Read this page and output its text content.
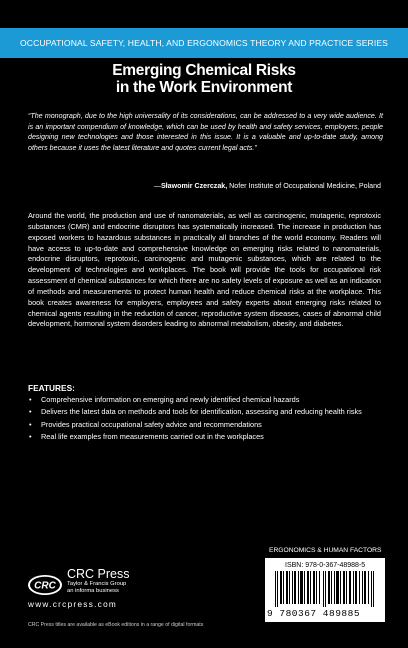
OCCUPATIONAL SAFETY, HEALTH, AND ERGONOMICS THEORY AND PRACTICE SERIES
Emerging Chemical Risks
in the Work Environment
“The monograph, due to the high universality of its considerations, can be addressed to a very wide audience. It is an important compendium of knowledge, which can be used by health and safety services, employers, people designing new technologies and those interested in this issue. It is a valuable and up-to-date study, among others because it uses the latest literature and quotes current legal acts.”
—Sławomir Czerczak, Nofer Institute of Occupational Medicine, Poland
Around the world, the production and use of nanomaterials, as well as carcinogenic, mutagenic, reprotoxic substances (CMR) and endocrine disruptors has systematically increased. The increase in production has exposed workers to hazardous substances in practically all branches of the world economy. Readers will have access to up-to-date and comprehensive knowledge on emerging risks related to nanomaterials, endocrine disruptors, reprotoxic, carcinogenic and mutagenic substances, which are related to the development of technologies and workplaces. The book will provide the tools for occupational risk assessment of chemical substances for which there are no safety levels of exposure as well as an indication of methods and measurements to protect human health and reduce chemical risks at the workplace. This book creates awareness for employers, employees and safety experts about emerging risks related to chemical agents resulting in the reduction of cancer, reproductive system diseases, cases of abnormal child development, hormonal system disorders leading to abnormal metabolism, obesity, and diabetes.
FEATURES:
• Comprehensive information on emerging and newly identified chemical hazards
• Delivers the latest data on methods and tools for identification, assessing and reducing health risks
• Provides practical occupational safety advice and recommendations
• Real life examples from measurements carried out in the workplaces
ERGONOMICS & HUMAN FACTORS
ISBN: 978-0-367-48988-5
9 780367 489885
CRC
CRC Press
Taylor & Francis Group
an informa business
www.crcpress.com
CRC Press titles are available as eBook editions in a range of digital formats
